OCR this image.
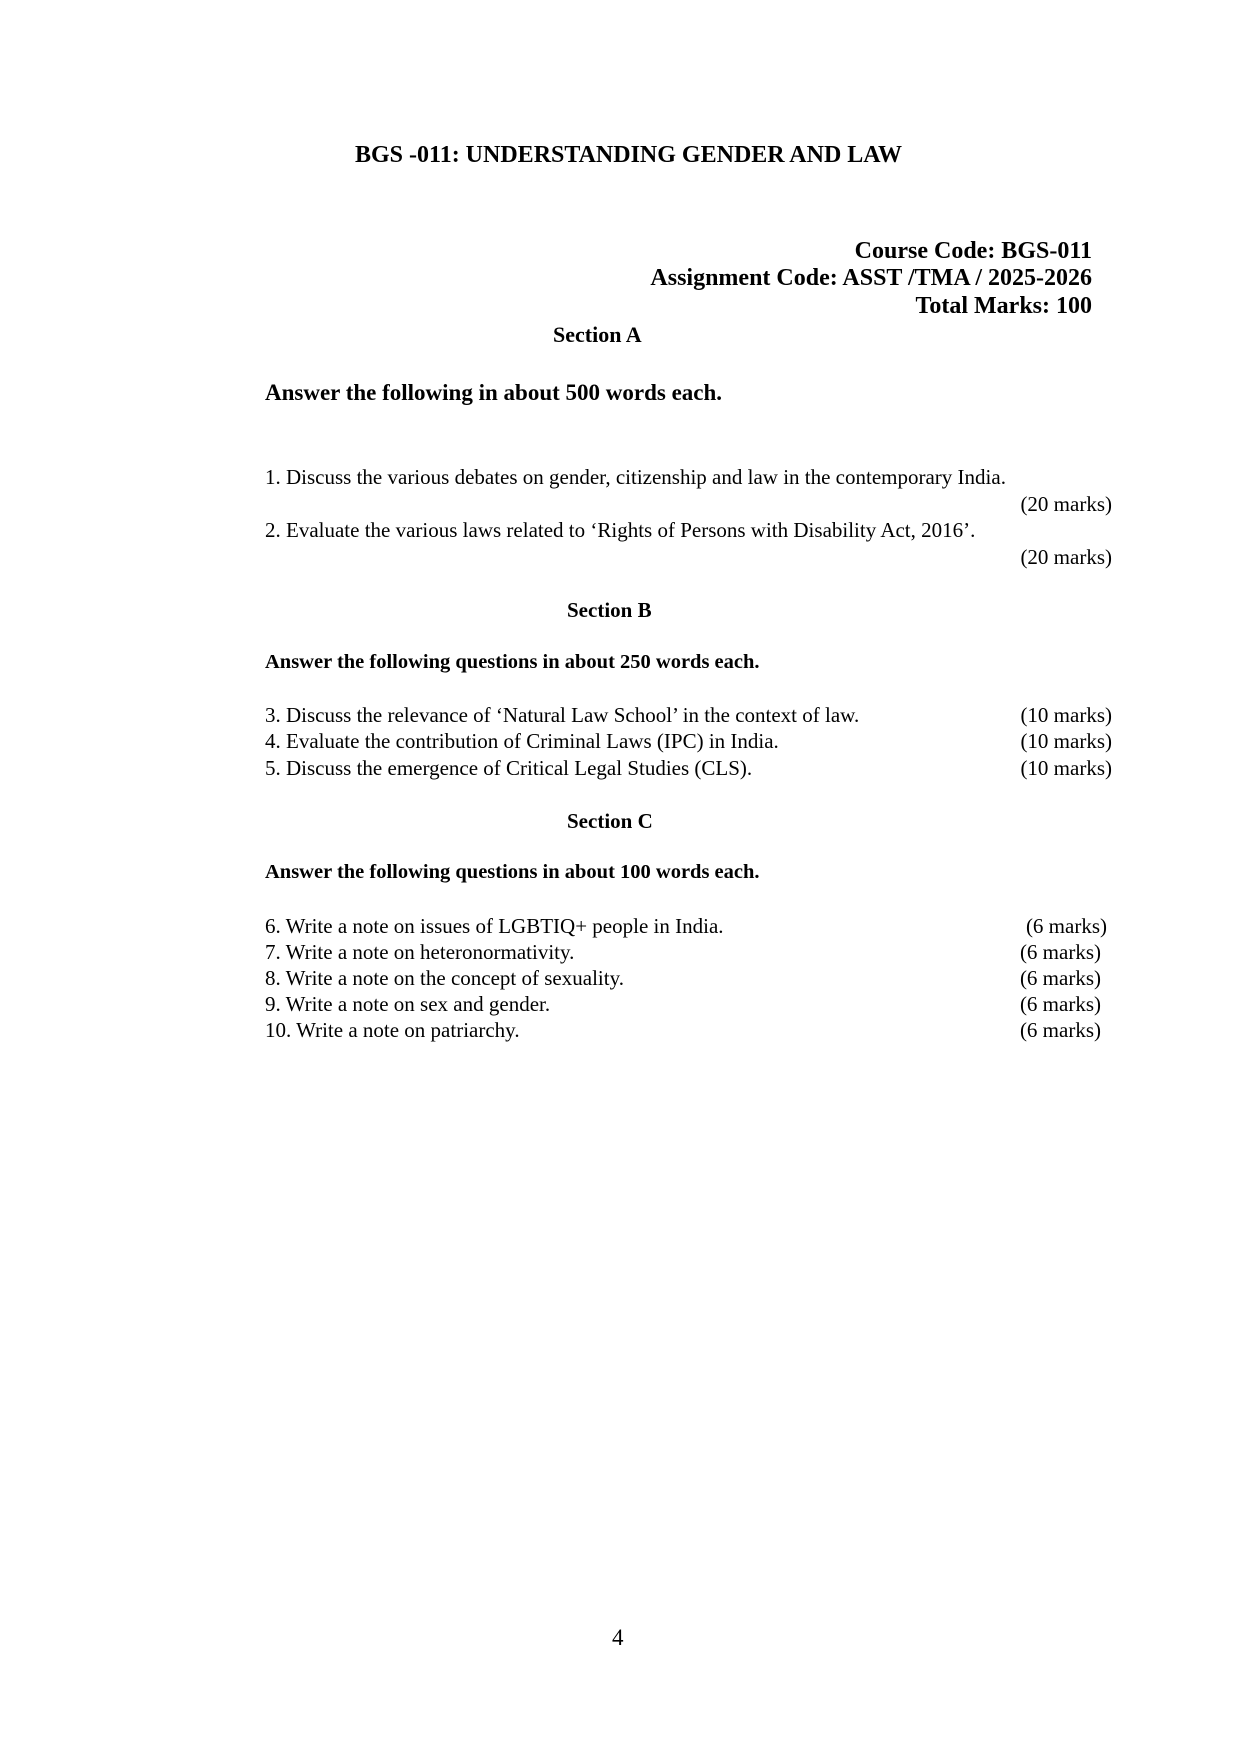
BGS -011: UNDERSTANDING GENDER AND LAW
Course Code: BGS-011
Assignment Code: ASST /TMA / 2025-2026
Total Marks: 100
Section A
Answer the following in about 500 words each.
1. Discuss the various debates on gender, citizenship and law in the contemporary India.
(20 marks)
2. Evaluate the various laws related to ‘Rights of Persons with Disability Act, 2016’.
(20 marks)
Section B
Answer the following questions in about 250 words each.
3. Discuss the relevance of ‘Natural Law School’ in the context of law.	(10 marks)
4. Evaluate the contribution of Criminal Laws (IPC) in India.	(10 marks)
5. Discuss the emergence of Critical Legal Studies (CLS).	(10 marks)
Section C
Answer the following questions in about 100 words each.
6. Write a note on issues of LGBTIQ+ people in India.	(6 marks)
7. Write a note on heteronormativity.	(6 marks)
8. Write a note on the concept of sexuality.	(6 marks)
9. Write a note on sex and gender.	(6 marks)
10. Write a note on patriarchy.	(6 marks)
4
